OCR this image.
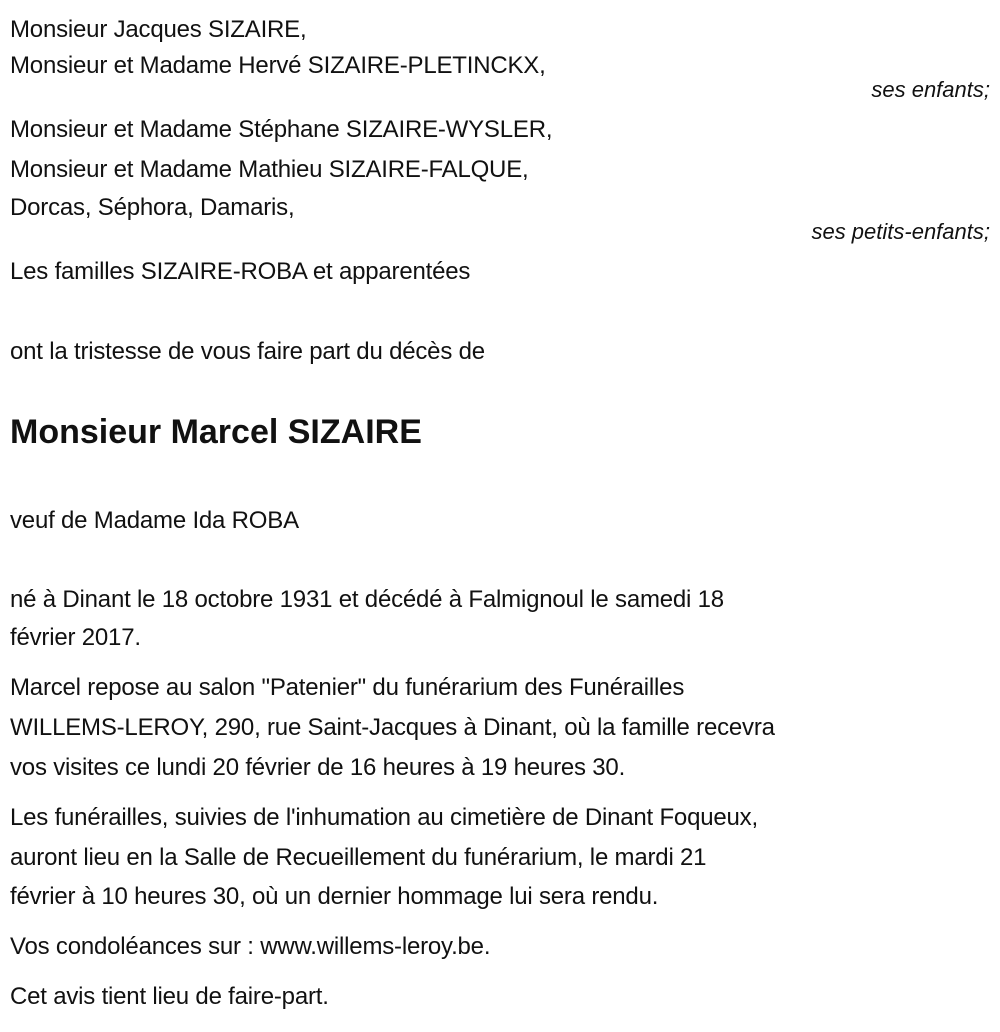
Monsieur Jacques SIZAIRE,
Monsieur et Madame Hervé SIZAIRE-PLETINCKX,
ses enfants;
Monsieur et Madame Stéphane SIZAIRE-WYSLER,
Monsieur et Madame Mathieu SIZAIRE-FALQUE,
Dorcas, Séphora, Damaris,
ses petits-enfants;
Les familles SIZAIRE-ROBA et apparentées
ont la tristesse de vous faire part du décès de
Monsieur Marcel SIZAIRE
veuf de Madame Ida ROBA
né à Dinant le 18 octobre 1931 et décédé à Falmignoul le samedi 18
février 2017.
Marcel repose au salon "Patenier" du funérarium des Funérailles
WILLEMS-LEROY, 290, rue Saint-Jacques à Dinant, où la famille recevra
vos visites ce lundi 20 février de 16 heures à 19 heures 30.
Les funérailles, suivies de l'inhumation au cimetière de Dinant Foqueux,
auront lieu en la Salle de Recueillement du funérarium, le mardi 21
février à 10 heures 30, où un dernier hommage lui sera rendu.
Vos condoléances sur : www.willems-leroy.be.
Cet avis tient lieu de faire-part.
